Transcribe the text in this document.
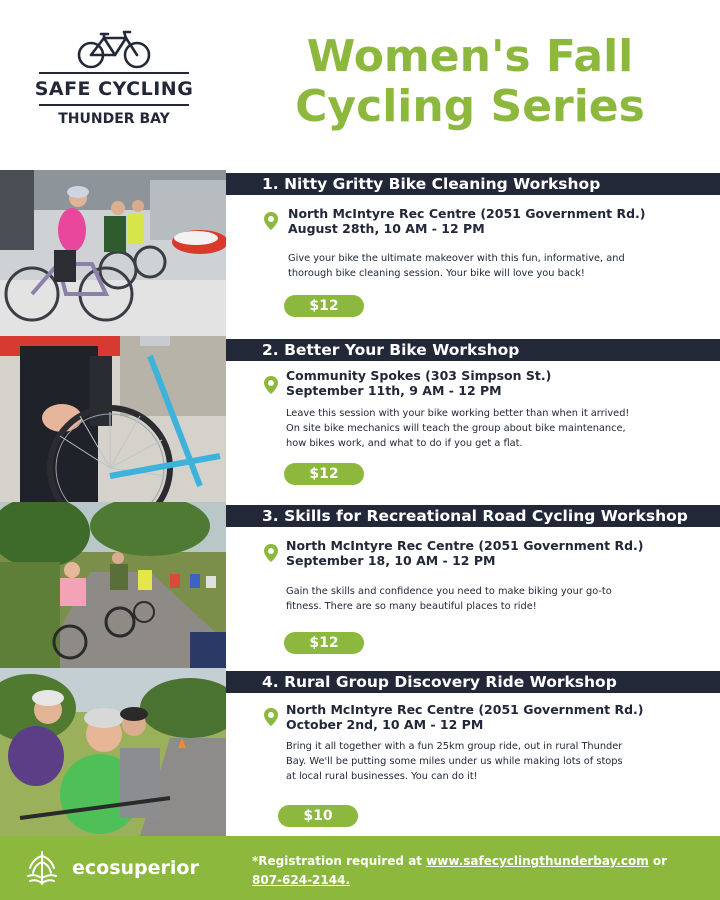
SAFE CYCLING
THUNDER BAY
Women's Fall
Cycling Series
1. Nitty Gritty Bike Cleaning Workshop
North McIntyre Rec Centre (2051 Government Rd.)
August 28th, 10 AM - 12 PM
Give your bike the ultimate makeover with this fun, informative, and
thorough bike cleaning session. Your bike will love you back!
$12
2. Better Your Bike Workshop
Community Spokes (303 Simpson St.)
September 11th, 9 AM - 12 PM
Leave this session with your bike working better than when it arrived!
On site bike mechanics will teach the group about bike maintenance,
how bikes work, and what to do if you get a flat.
$12
3. Skills for Recreational Road Cycling Workshop
North McIntyre Rec Centre (2051 Government Rd.)
September 18, 10 AM - 12 PM
Gain the skills and confidence you need to make biking your go-to
fitness. There are so many beautiful places to ride!
$12
4. Rural Group Discovery Ride Workshop
North McIntyre Rec Centre (2051 Government Rd.)
October 2nd, 10 AM - 12 PM
Bring it all together with a fun 25km group ride, out in rural Thunder
Bay. We'll be putting some miles under us while making lots of stops
at local rural businesses. You can do it!
$10
ecosuperior	*Registration required at www.safecyclingthunderbay.com or
807-624-2144.
